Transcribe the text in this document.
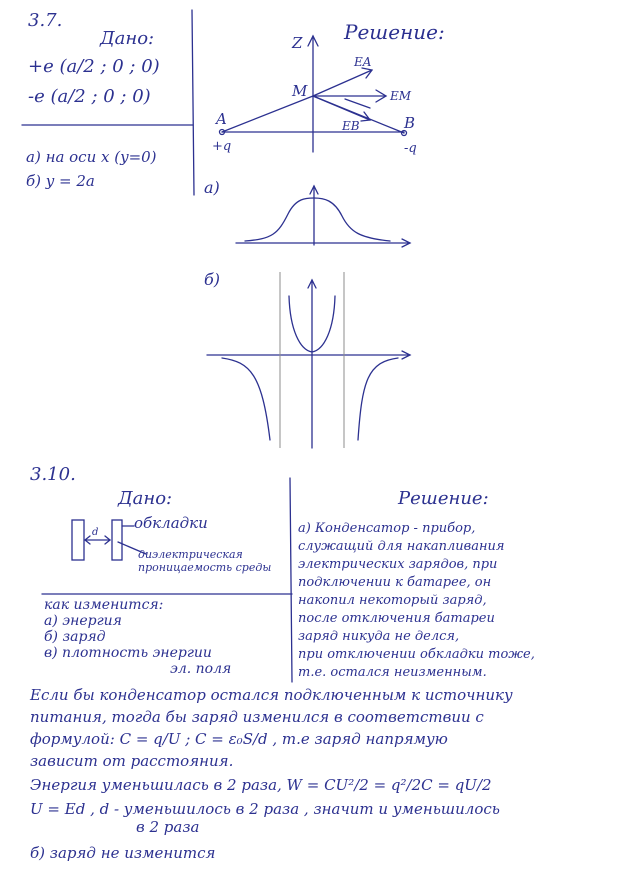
3.7.
Дано:
+e (a/2 ; 0 ; 0)
-e (a/2 ; 0 ; 0)
а) на оси x (y=0)
б) y = 2a
Решение:
Z
M
A	B
EA
EM
EB
+q	-q
а)
б)
3.10.
Дано:
d
обкладки
диэлектрическая проницаемость среды
как изменится:
а) энергия
б) заряд
в) плотность энергии
эл. поля
Решение:
а) Конденсатор - прибор,
служащий для накапливания
электрических зарядов, при
подключении к батарее, он
накопил некоторый заряд,
после отключения батареи
заряд никуда не делся,
при отключении обкладки тоже,
т.е. остался неизменным.
Если бы конденсатор остался подключенным к источнику
питания, тогда бы заряд изменился в соответствии с
формулой: C = q/U ; C = ε₀S/d , т.е заряд напрямую
зависит от расстояния.
Энергия уменьшилась в 2 раза, W = CU²/2 = q²/2C = qU/2
U = Ed , d - уменьшилось в 2 раза , значит и уменьшилось
в 2 раза
б) заряд не изменится
